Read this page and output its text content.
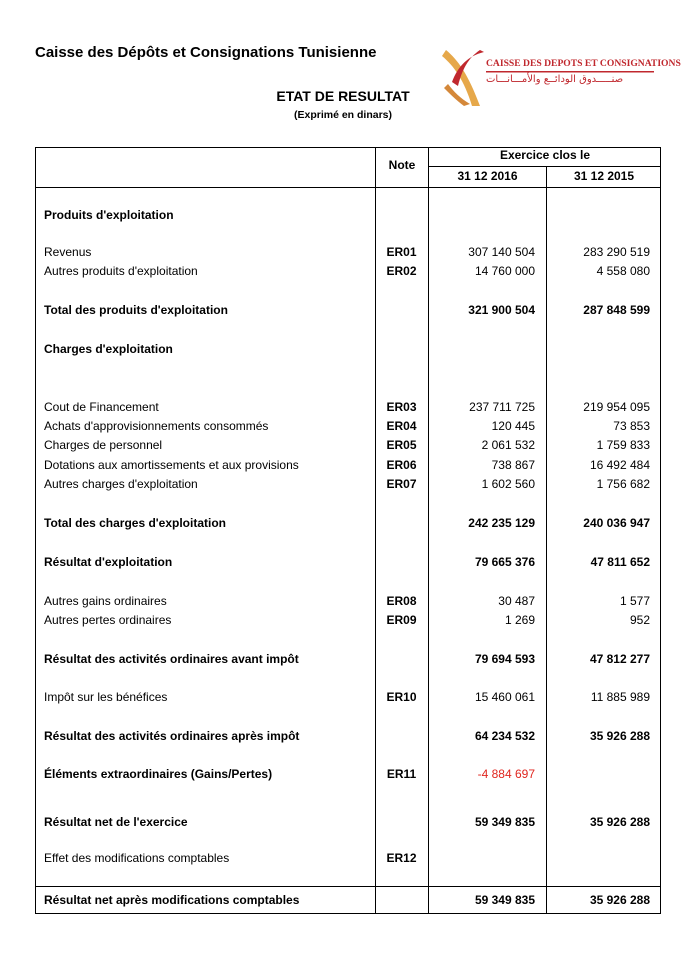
Caisse des Dépôts et Consignations Tunisienne
CAISSE DES DEPOTS ET CONSIGNATIONS
صنـــــدوق الودائــع والأمـــانـــات
ETAT DE RESULTAT
(Exprimé en dinars)
Note
Exercice clos le
31 12 2016	31 12 2015
Produits d'exploitation
Revenus	ER01	307 140 504	283 290 519
Autres produits d'exploitation	ER02	14 760 000	4 558 080
Total des produits d'exploitation	321 900 504	287 848 599
Charges d'exploitation
Cout de Financement	ER03	237 711 725	219 954 095
Achats d'approvisionnements consommés	ER04	120 445	73 853
Charges de personnel	ER05	2 061 532	1 759 833
Dotations aux amortissements et aux provisions	ER06	738 867	16 492 484
Autres charges d'exploitation	ER07	1 602 560	1 756 682
Total des charges d'exploitation	242 235 129	240 036 947
Résultat d'exploitation	79 665 376	47 811 652
Autres gains ordinaires	ER08	30 487	1 577
Autres pertes ordinaires	ER09	1 269	952
Résultat des activités ordinaires avant impôt	79 694 593	47 812 277
Impôt sur les bénéfices	ER10	15 460 061	11 885 989
Résultat des activités ordinaires après impôt	64 234 532	35 926 288
Éléments extraordinaires (Gains/Pertes)	ER11	-4 884 697
Résultat net de l'exercice	59 349 835	35 926 288
Effet des modifications comptables	ER12
Résultat net après modifications comptables	59 349 835	35 926 288
